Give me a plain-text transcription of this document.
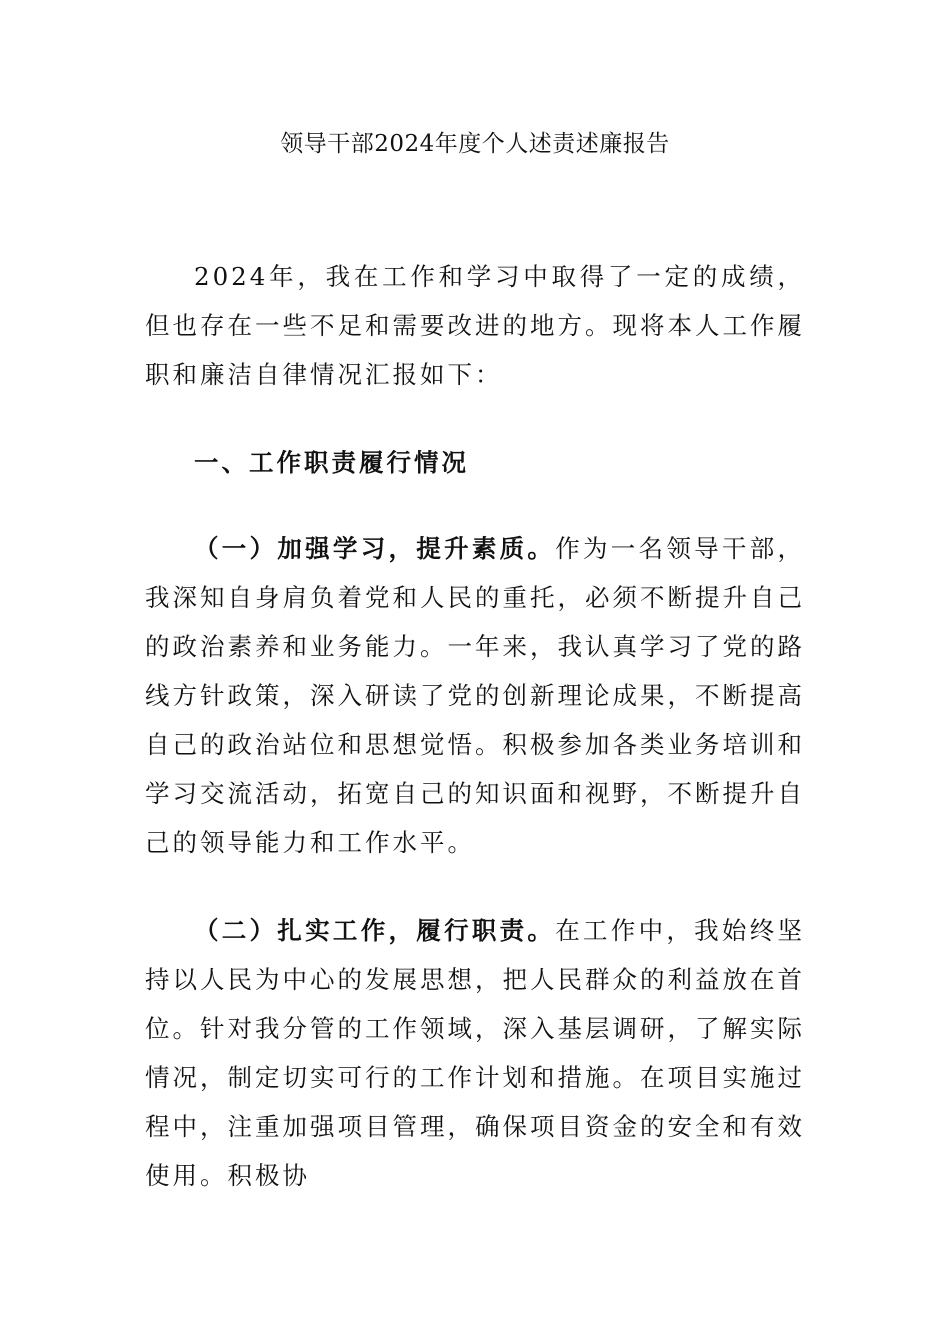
领导干部2024年度个人述责述廉报告

2024年，我在工作和学习中取得了一定的成绩，但也存在一些不足和需要改进的地方。现将本人工作履职和廉洁自律情况汇报如下：

一、工作职责履行情况

（一）加强学习，提升素质。作为一名领导干部，我深知自身肩负着党和人民的重托，必须不断提升自己的政治素养和业务能力。一年来，我认真学习了党的路线方针政策，深入研读了党的创新理论成果，不断提高自己的政治站位和思想觉悟。积极参加各类业务培训和学习交流活动，拓宽自己的知识面和视野，不断提升自己的领导能力和工作水平。

（二）扎实工作，履行职责。在工作中，我始终坚持以人民为中心的发展思想，把人民群众的利益放在首位。针对我分管的工作领域，深入基层调研，了解实际情况，制定切实可行的工作计划和措施。在项目实施过程中，注重加强项目管理，确保项目资金的安全和有效使用。积极协
